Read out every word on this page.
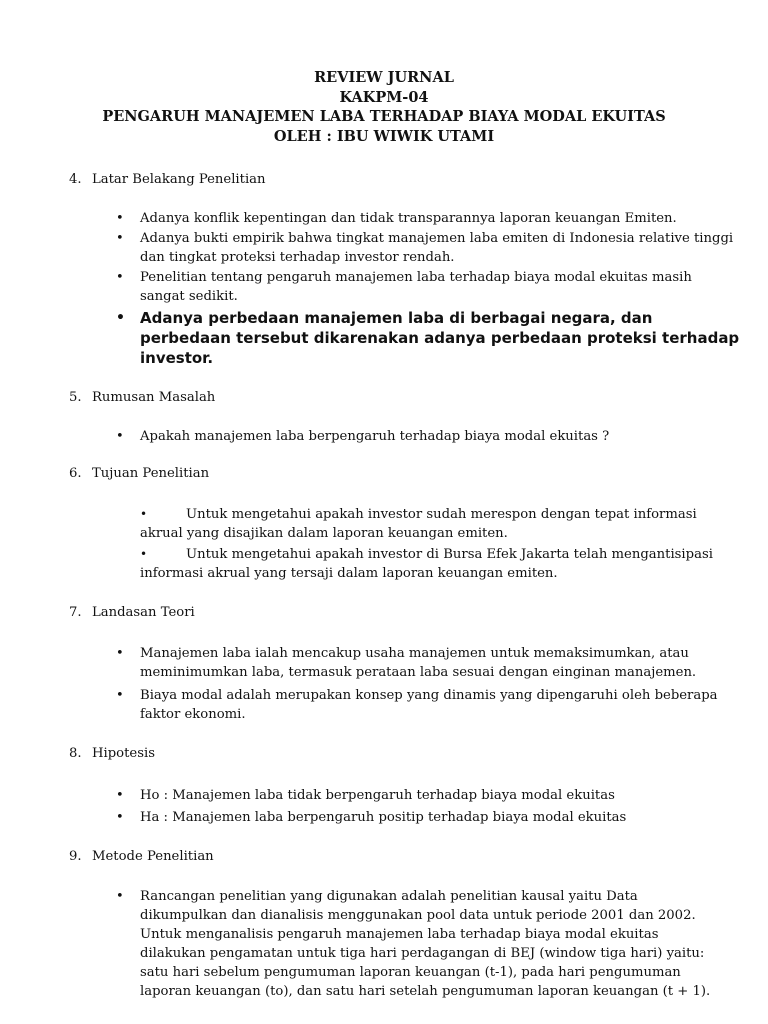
REVIEW JURNAL
KAKPM-04
PENGARUH MANAJEMEN LABA TERHADAP BIAYA MODAL EKUITAS
OLEH : IBU WIWIK UTAMI
4. Latar Belakang Penelitian
• Adanya konflik kepentingan dan tidak transparannya laporan keuangan Emiten.
• Adanya bukti empirik bahwa tingkat manajemen laba emiten di Indonesia relative tinggi dan tingkat proteksi terhadap investor rendah.
• Penelitian tentang pengaruh manajemen laba terhadap biaya modal ekuitas masih sangat sedikit.
• Adanya perbedaan manajemen laba di berbagai negara, dan perbedaan tersebut dikarenakan adanya perbedaan proteksi terhadap investor.
5. Rumusan Masalah
• Apakah manajemen laba berpengaruh terhadap biaya modal ekuitas ?
6. Tujuan Penelitian
•	Untuk mengetahui apakah investor sudah merespon dengan tepat informasi akrual yang disajikan dalam laporan keuangan emiten.
•	Untuk mengetahui apakah investor di Bursa Efek Jakarta telah mengantisipasi informasi akrual yang tersaji dalam laporan keuangan emiten.
7. Landasan Teori
• Manajemen laba ialah mencakup usaha manajemen untuk memaksimumkan, atau meminimumkan laba, termasuk perataan laba sesuai dengan einginan manajemen.
• Biaya modal adalah merupakan konsep yang dinamis yang dipengaruhi oleh beberapa faktor ekonomi.
8. Hipotesis
• Ho : Manajemen laba tidak berpengaruh terhadap biaya modal ekuitas
• Ha : Manajemen laba berpengaruh positip terhadap biaya modal ekuitas
9. Metode Penelitian
• Rancangan penelitian yang digunakan adalah penelitian kausal yaitu Data dikumpulkan dan dianalisis menggunakan pool data untuk periode 2001 dan 2002. Untuk menganalisis pengaruh manajemen laba terhadap biaya modal ekuitas dilakukan pengamatan untuk tiga hari perdagangan di BEJ (window tiga hari) yaitu: satu hari sebelum pengumuman laporan keuangan (t-1), pada hari pengumuman laporan keuangan (to), dan satu hari setelah pengumuman laporan keuangan (t + 1).
